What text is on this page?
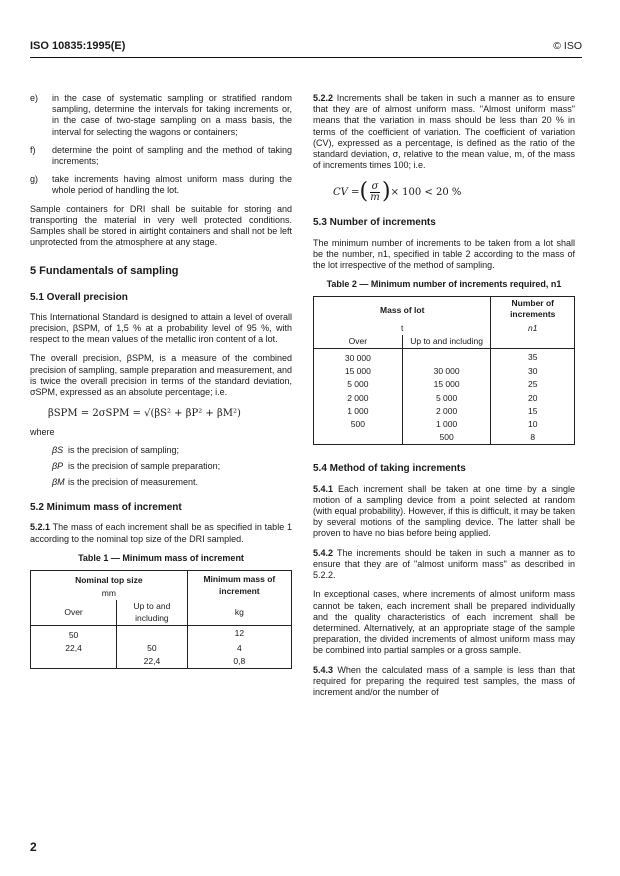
ISO 10835:1995(E)	© ISO
e)	in the case of systematic sampling or stratified random sampling, determine the intervals for taking increments or, in the case of two-stage sampling on a mass basis, the interval for selecting the wagons or containers;
f)	determine the point of sampling and the method of taking increments;
g)	take increments having almost uniform mass during the whole period of handling the lot.

Sample containers for DRI shall be suitable for storing and transporting the material in very well protected conditions. Samples shall be stored in airtight containers and shall not be left unprotected from the atmosphere at any stage.

5 Fundamentals of sampling
5.1 Overall precision

This International Standard is designed to attain a level of overall precision, βSPM, of 1,5 % at a probability level of 95 %, with respect to the mean values of the metallic iron content of a lot.

The overall precision, βSPM, is a measure of the combined precision of sampling, sample preparation and measurement, and is twice the overall precision in terms of the standard deviation, σSPM, expressed as an absolute percentage; i.e.

βSPM = 2σSPM = √(βS² + βP² + βM²)
where
βS is the precision of sampling;
βP is the precision of sample preparation;
βM is the precision of measurement.
5.2 Minimum mass of increment

5.2.1 The mass of each increment shall be as specified in table 1 according to the nominal top size of the DRI sampled.

Table 1 — Minimum mass of increment
Nominal top size		Minimum mass of increment
mm		
Over	Up to and including	kg
50		12
22,4	50	4
	22,4	0,8

5.2.2 Increments shall be taken in such a manner as to ensure that they are of almost uniform mass. "Almost uniform mass" means that the variation in mass should be less than 20 % in terms of the coefficient of variation. The coefficient of variation (CV), expressed as a percentage, is defined as the ratio of the standard deviation, σ, relative to the mean value, m, of the mass of increments times 100; i.e.

CV = ( $\frac{\sigma}{m}$ ) × 100 < 20 %
5.3 Number of increments

The minimum number of increments to be taken from a lot shall be the number, n1, specified in table 2 according to the mass of the lot irrespective of the method of sampling.

Table 2 — Minimum number of increments required, n1
Mass of lot		Number of increments
t		n1
Over	Up to and including	
30 000		35
15 000	30 000	30
5 000	15 000	25
2 000	5 000	20
1 000	2 000	15
500	1 000	10
	500	8
5.4 Method of taking increments

5.4.1 Each increment shall be taken at one time by a single motion of a sampling device from a point selected at random (with equal probability). However, if this is difficult, it may be taken by several motions of the sampling device. The latter shall be proven to have no bias before being applied.

5.4.2 The increments should be taken in such a manner as to ensure that they are of "almost uniform mass" as described in 5.2.2.

In exceptional cases, where increments of almost uniform mass cannot be taken, each increment shall be prepared individually and the quality characteristics of each increment shall be determined. Alternatively, at an appropriate stage of the sample preparation, the divided increments of almost uniform mass may be combined into partial samples or a gross sample.

5.4.3 When the calculated mass of a sample is less than that required for preparing the required test samples, the mass of increment and/or the number of

2
